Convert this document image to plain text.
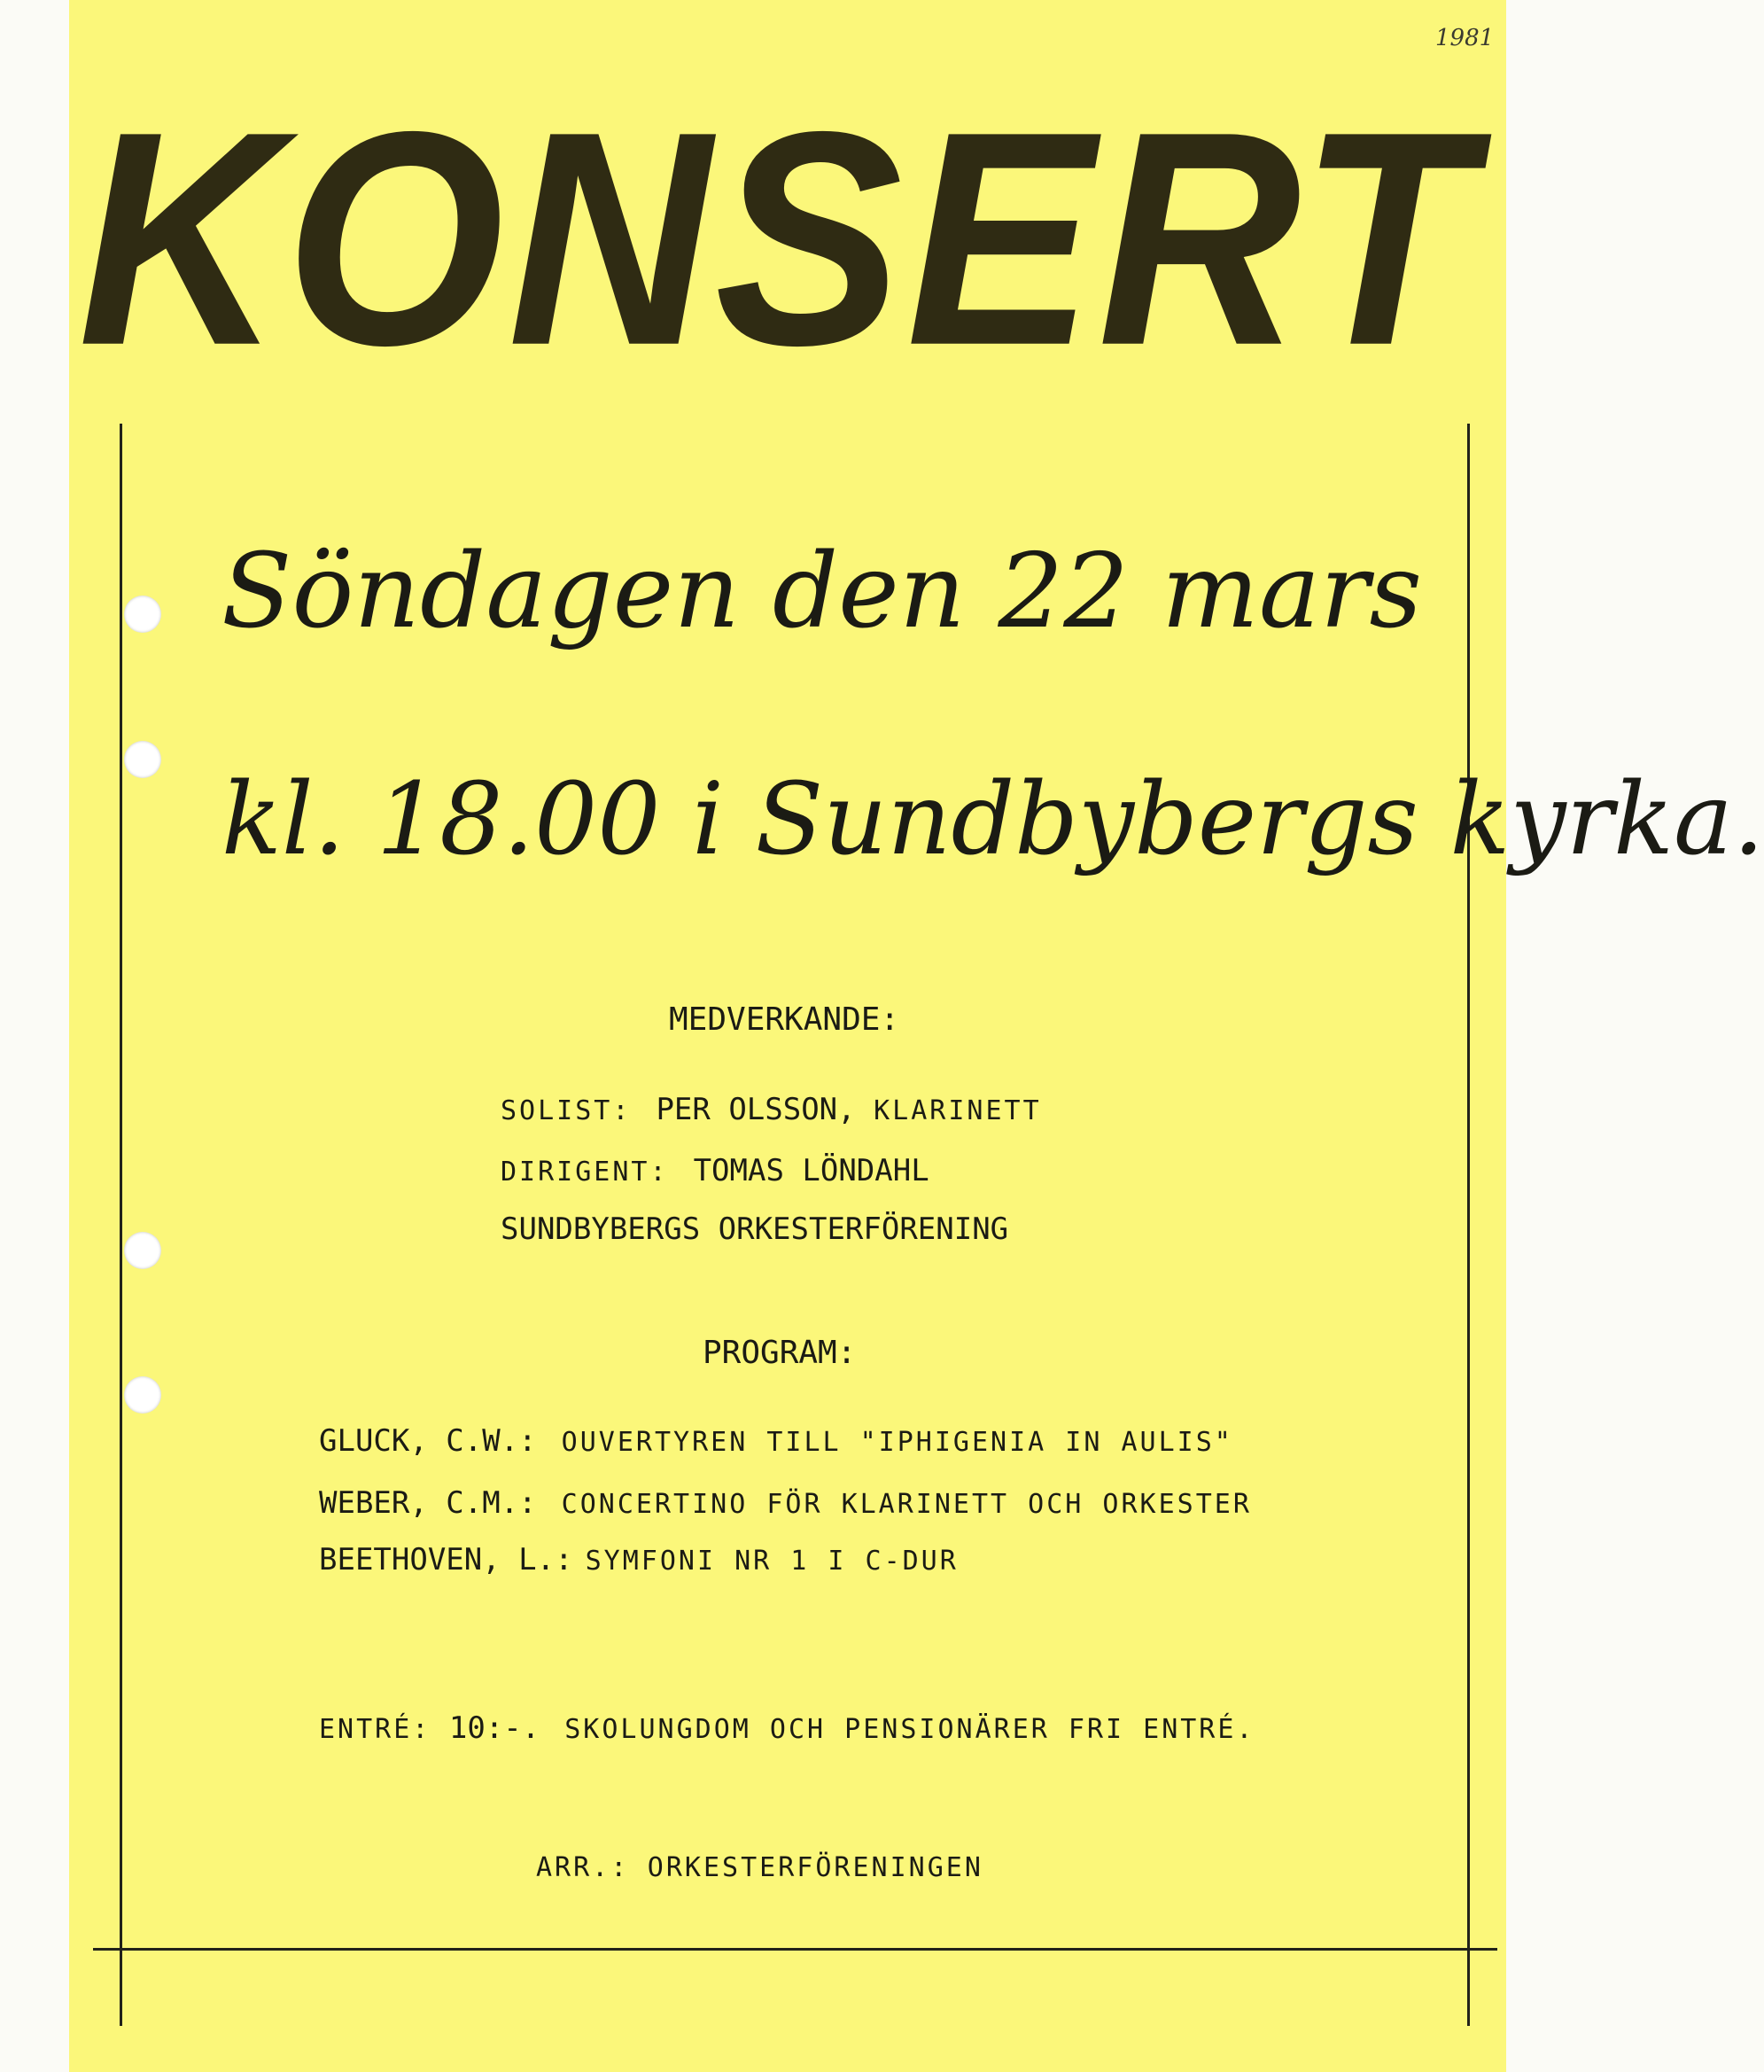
1981
KONSERT

Söndagen den 22 mars

kl. 18.00 i Sundbybergs kyrka.

MEDVERKANDE:

SOLIST: PER OLSSON, KLARINETT

DIRIGENT: TOMAS LÖNDAHL

SUNDBYBERGS ORKESTERFÖRENING

PROGRAM:

GLUCK, C.W.: OUVERTYREN TILL "IPHIGENIA IN AULIS"

WEBER, C.M.: CONCERTINO FÖR KLARINETT OCH ORKESTER

BEETHOVEN, L.: SYMFONI NR 1 I C-DUR

ENTRÉ: 10:-. SKOLUNGDOM OCH PENSIONÄRER FRI ENTRÉ.

ARR.: ORKESTERFÖRENINGEN
